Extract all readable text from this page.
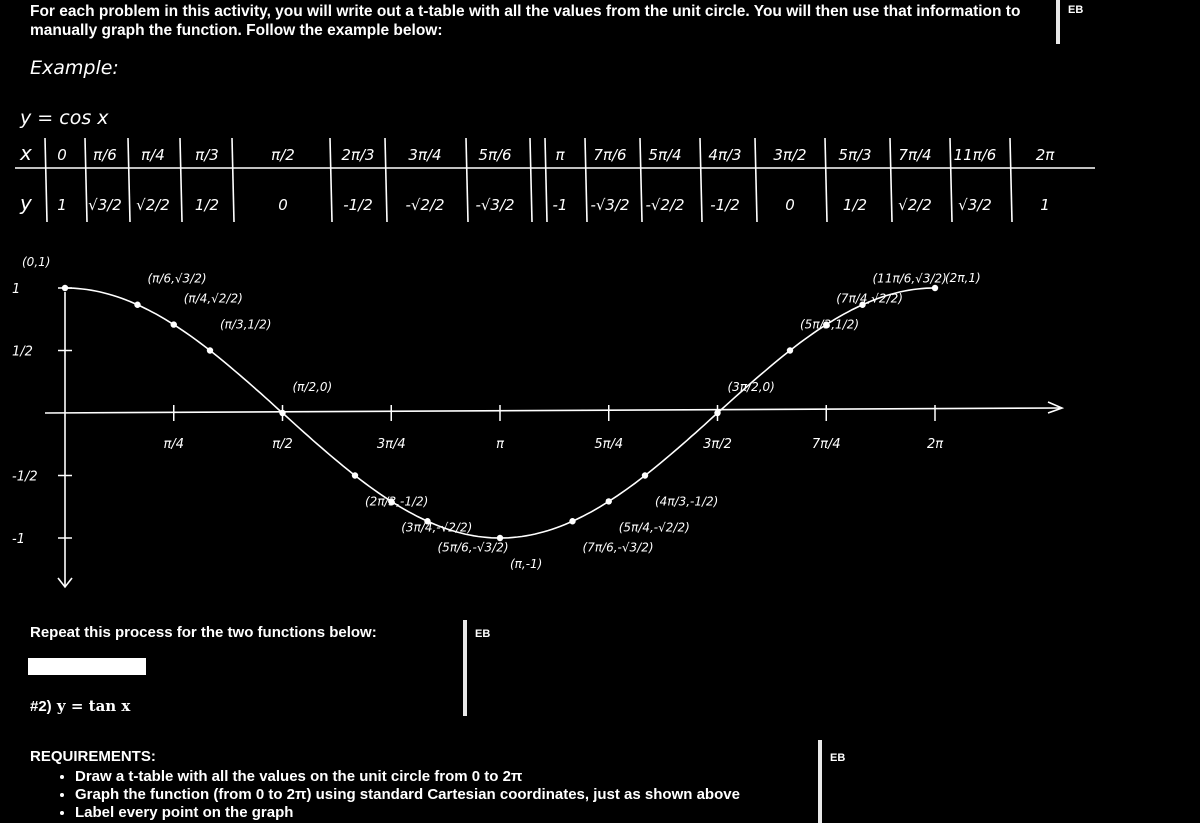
For each problem in this activity, you will write out a t-table with all the values from the unit circle. You will then use that information to manually graph the function. Follow the example below:
EB
Example:
y = cos x
x
y
0 π/6 π/4 π/3	π/2	2π/3 3π/4 5π/6	π 7π/6 5π/4 4π/3 3π/2 5π/3 7π/4 11π/6	2π
1 √3/2 √2/2 1/2	0	-1/2 -√2/2 -√3/2	-1 -√3/2 -√2/2 -1/2	0	1/2 √2/2 √3/2	1
1
1/2
-1/2
-1
π/4	π/2	3π/4	π	5π/4	3π/2	7π/4	2π
(0,1)
(π/6,√3/2)
(π/4,√2/2)
(π/3,1/2)
(π/2,0)
(2π/3,-1/2)
(3π/4,-√2/2)
(5π/6,-√3/2)
(π,-1)
(7π/6,-√3/2)
(5π/4,-√2/2)
(4π/3,-1/2)
(3π/2,0)
(5π/3,1/2)
(7π/4,√2/2)
(11π/6,√3/2)
(2π,1)
EB
Repeat this process for the two functions below:
#2) y = tan x
REQUIREMENTS:
• Draw a t-table with all the values on the unit circle from 0 to 2π
• Graph the function (from 0 to 2π) using standard Cartesian coordinates, just as shown above
• Label every point on the graph
EB
